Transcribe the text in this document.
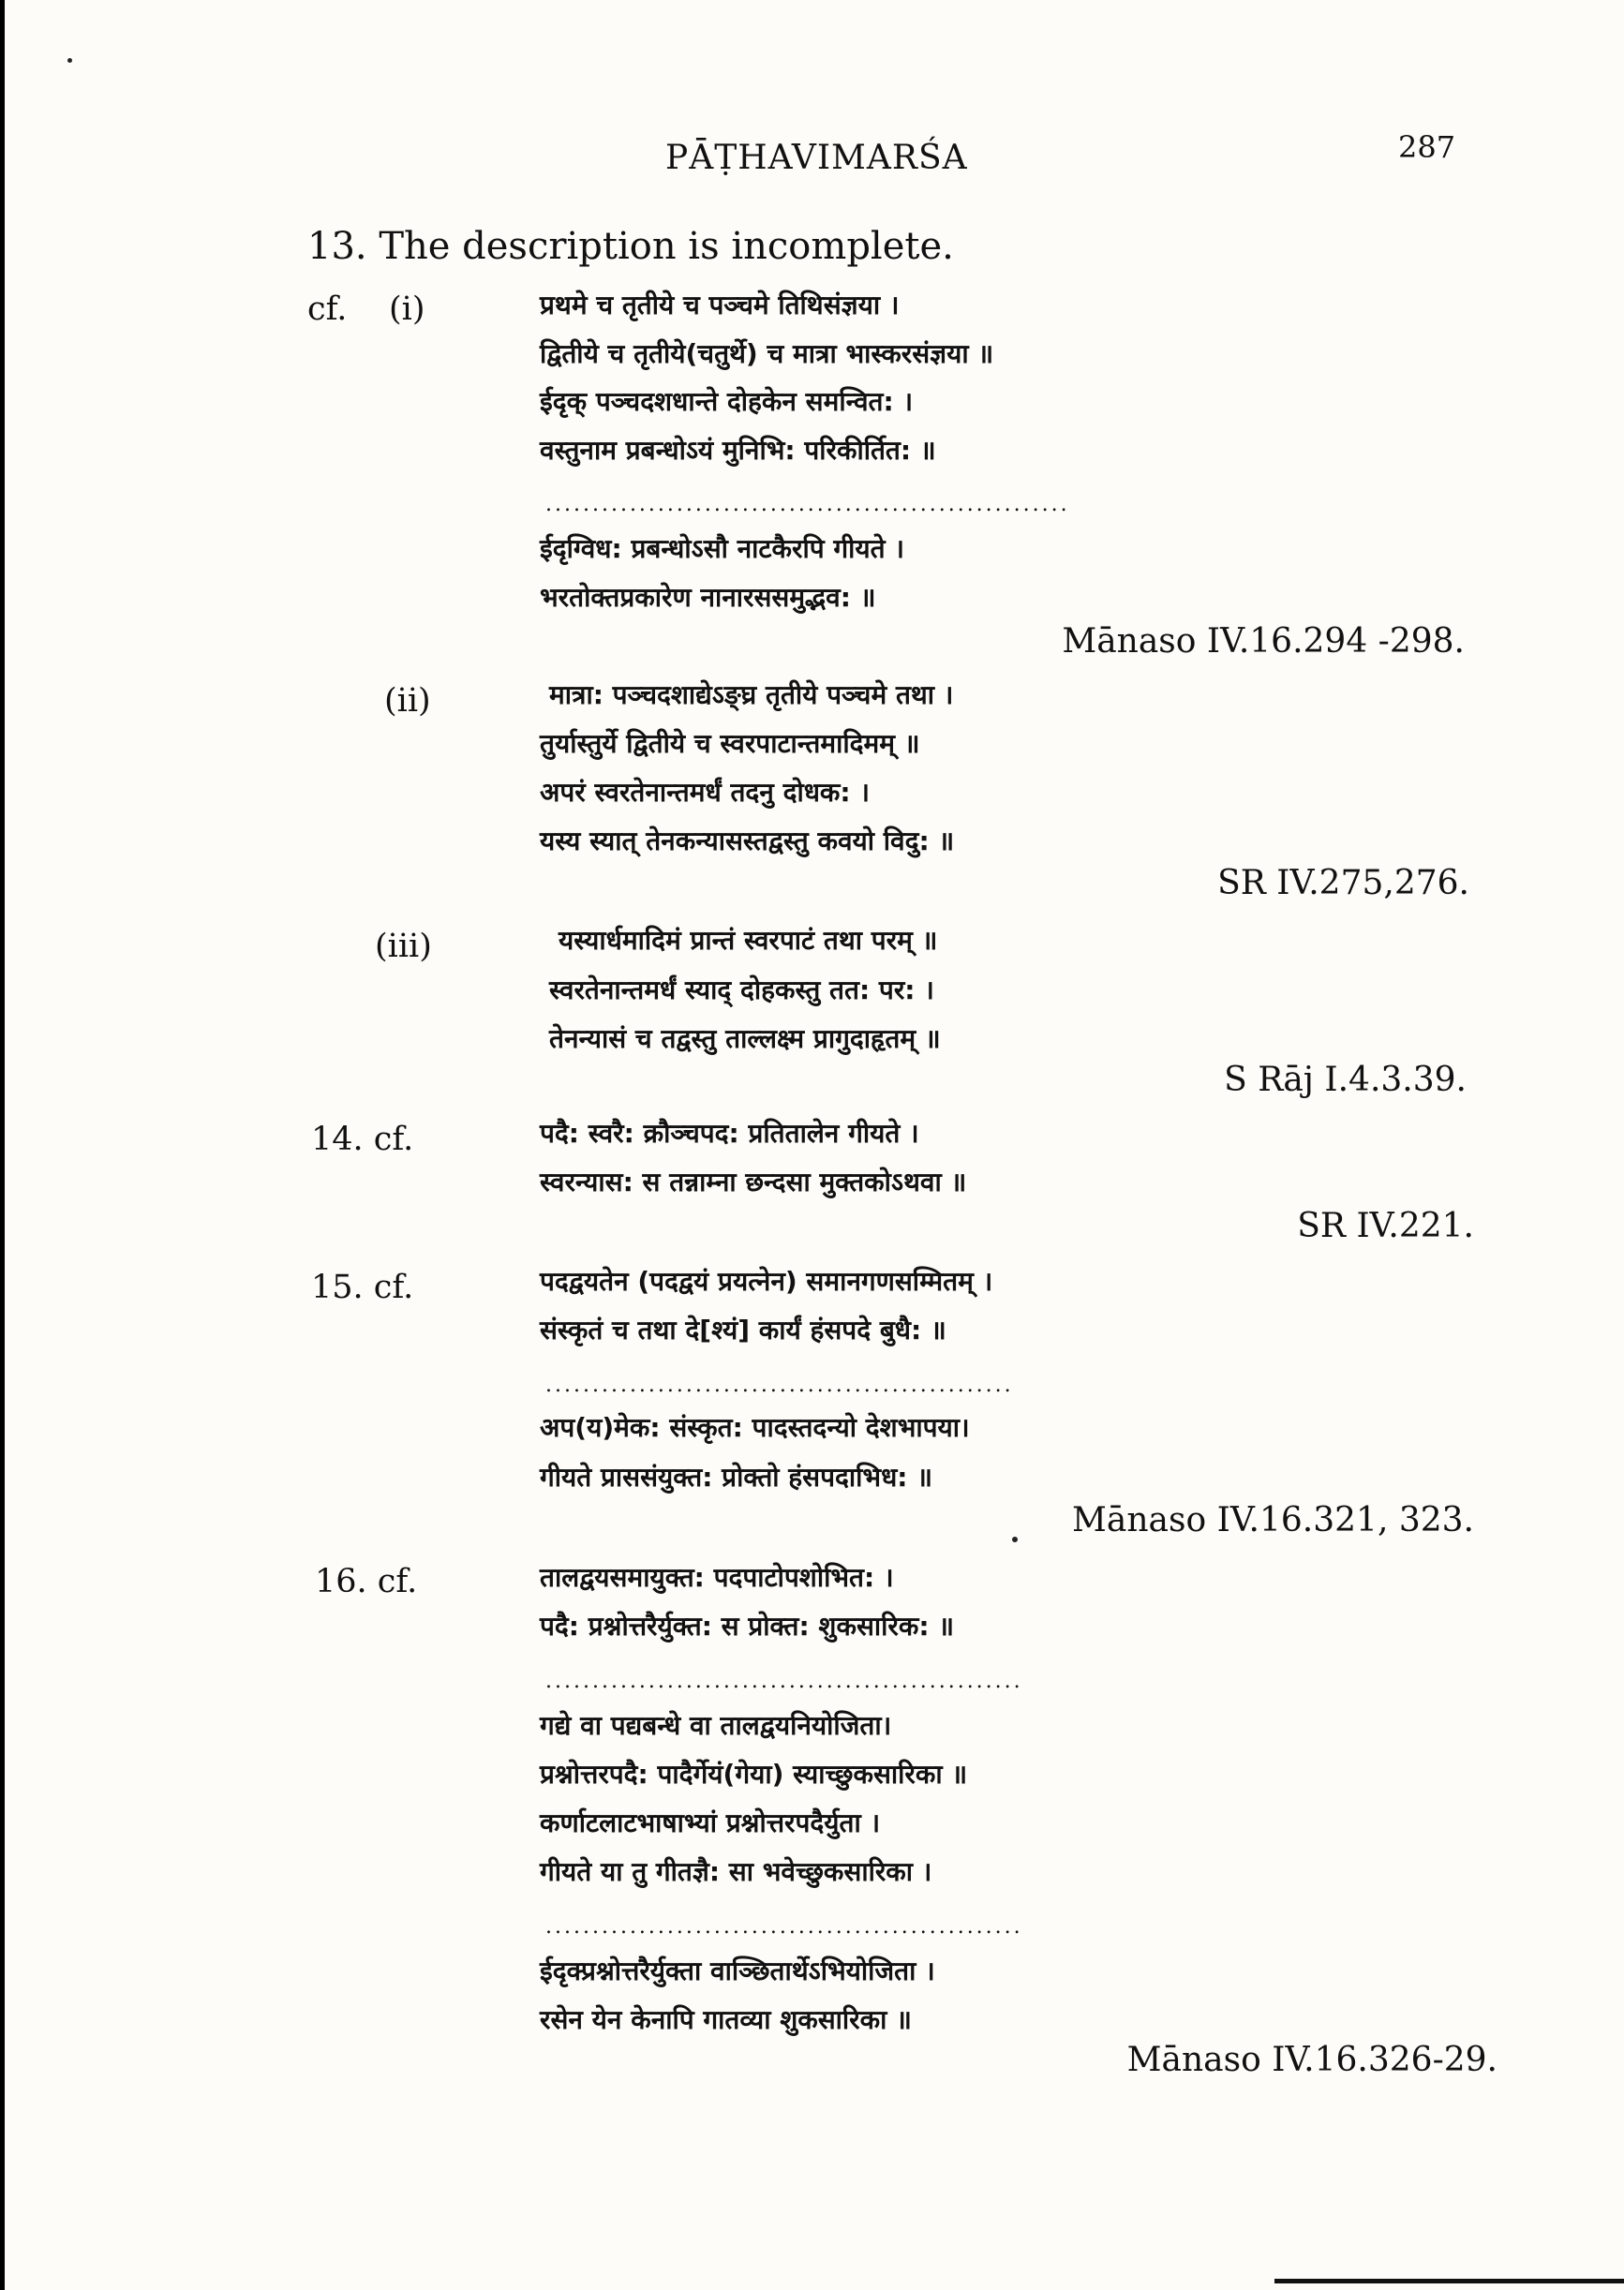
PĀṬHAVIMARŚA	287
13. The description is incomplete.
cf. (i)	प्रथमे च तृतीये च पञ्चमे तिथिसंज्ञया ।
द्वितीये च तृतीये(चतुर्थे) च मात्रा भास्करसंज्ञया ॥
ईदृक् पञ्चदशधान्ते दोहकेन समन्वित: ।
वस्तुनाम प्रबन्धोऽयं मुनिभि: परिकीर्तित: ॥
........................................................
ईदृग्विध: प्रबन्धोऽसौ नाटकैरपि गीयते ।
भरतोक्तप्रकारेण नानारससमुद्भव: ॥
Mānaso IV.16.294 -298.
(ii)	मात्रा: पञ्चदशाद्येऽङ्घ्र तृतीये पञ्चमे तथा ।
तुर्यास्तुर्ये द्वितीये च स्वरपाटान्तमादिमम् ॥
अपरं स्वरतेनान्तमर्धं तदनु दोधक: ।
यस्य स्यात् तेनकन्यासस्तद्वस्तु कवयो विदु: ॥
SR IV.275,276.
(iii)	यस्यार्धमादिमं प्रान्तं स्वरपाटं तथा परम् ॥
स्वरतेनान्तमर्धं स्याद् दोहकस्तु तत: पर: ।
तेनन्यासं च तद्वस्तु ताल्लक्ष्म प्रागुदाहृतम् ॥
S Rāj I.4.3.39.
14. cf.	पदै: स्वरै: क्रौञ्चपद: प्रतितालेन गीयते ।
स्वरन्यास: स तन्नाम्ना छन्दसा मुक्तकोऽथवा ॥
SR IV.221.
15. cf.	पदद्वयतेन (पदद्वयं प्रयत्नेन) समानगणसम्मितम् ।
संस्कृतं च तथा दे[श्यं] कार्यं हंसपदे बुधै: ॥
..................................................
अप(य)मेक: संस्कृत: पादस्तदन्यो देशभापया।
गीयते प्राससंयुक्त: प्रोक्तो हंसपदाभिध: ॥
Mānaso IV.16.321, 323.
16. cf.	तालद्वयसमायुक्त: पदपाटोपशोभित: ।
पदै: प्रश्नोत्तरैर्युक्त: स प्रोक्त: शुकसारिक: ॥
...................................................
गद्ये वा पद्यबन्धे वा तालद्वयनियोजिता।
प्रश्नोत्तरपदै: पादैर्गेयं(गेया) स्याच्छुकसारिका ॥
कर्णाटलाटभाषाभ्यां प्रश्नोत्तरपदैर्युता ।
गीयते या तु गीतज्ञै: सा भवेच्छुकसारिका ।
...................................................
ईदृक्प्रश्नोत्तरैर्युक्ता वाञ्छितार्थेऽभियोजिता ।
रसेन येन केनापि गातव्या शुकसारिका ॥
Mānaso IV.16.326-29.
